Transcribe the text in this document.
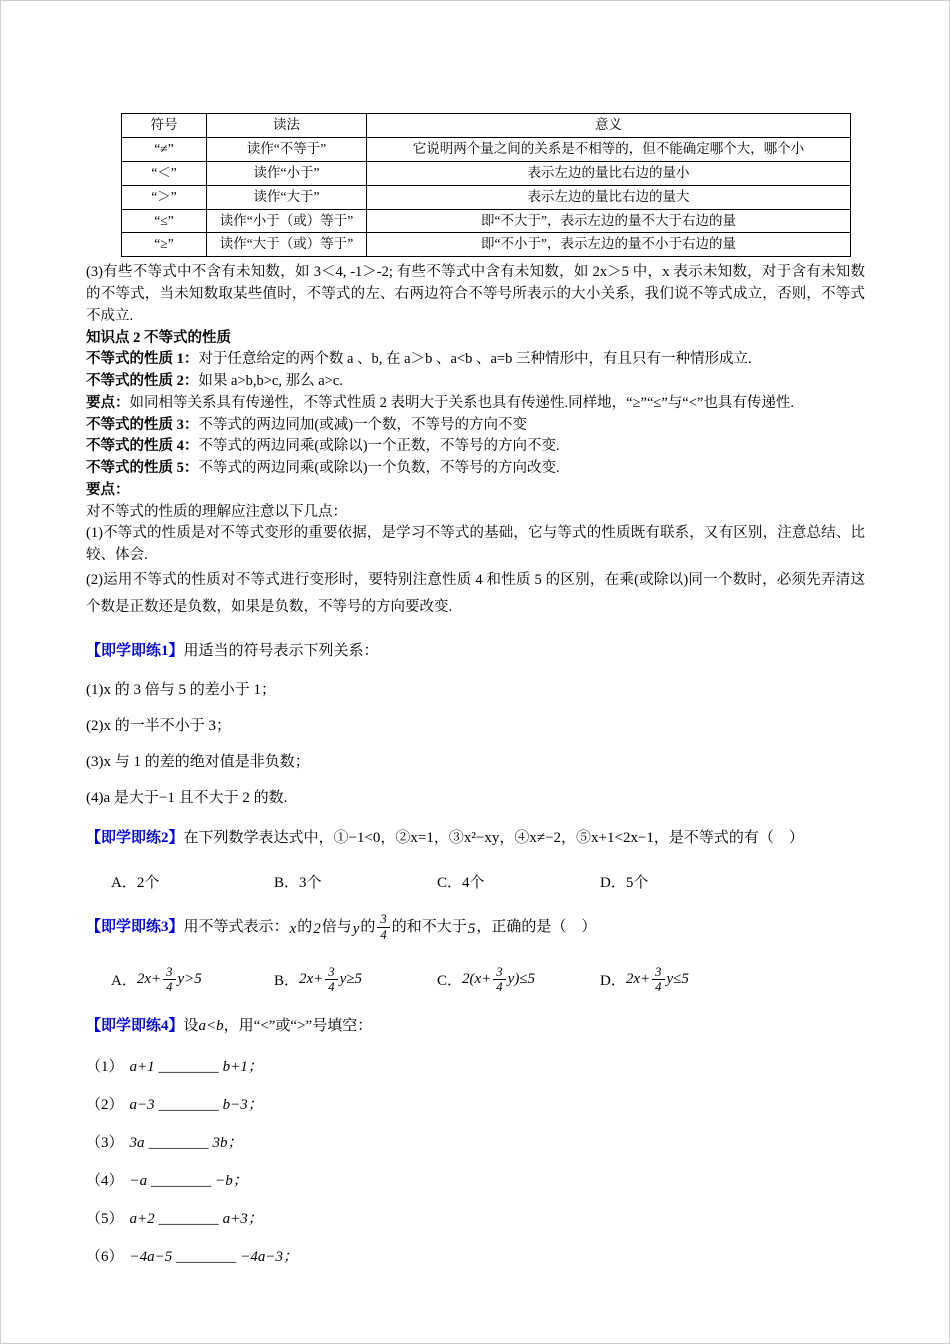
符号	读法	意义
“≠”	读作“不等于”	它说明两个量之间的关系是不相等的，但不能确定哪个大，哪个小
“＜”	读作“小于”	表示左边的量比右边的量小
“＞”	读作“大于”	表示左边的量比右边的量大
“≤”	读作“小于（或）等于”	即“不大于”，表示左边的量不大于右边的量
“≥”	读作“大于（或）等于”	即“不小于”，表示左边的量不小于右边的量

(3)有些不等式中不含有未知数，如 3＜4, -1＞-2; 有些不等式中含有未知数，如 2x＞5 中，x 表示未知数，对于含有未知数的不等式，当未知数取某些值时，不等式的左、右两边符合不等号所表示的大小关系，我们说不等式成立，否则，不等式不成立.

知识点 2 不等式的性质

不等式的性质 1：对于任意给定的两个数 a 、b, 在 a＞b 、a<b 、a=b 三种情形中，有且只有一种情形成立.

不等式的性质 2：如果 a>b,b>c, 那么 a>c.

要点：如同相等关系具有传递性，不等式性质 2 表明大于关系也具有传递性.同样地，“≥”“≤”与“<”也具有传递性.

不等式的性质 3：不等式的两边同加(或减)一个数，不等号的方向不变

不等式的性质 4：不等式的两边同乘(或除以)一个正数，不等号的方向不变.

不等式的性质 5：不等式的两边同乘(或除以)一个负数，不等号的方向改变.

要点：

对不等式的性质的理解应注意以下几点：

(1)不等式的性质是对不等式变形的重要依据，是学习不等式的基础，它与等式的性质既有联系，又有区别，注意总结、比较、体会.

(2)运用不等式的性质对不等式进行变形时，要特别注意性质 4 和性质 5 的区别，在乘(或除以)同一个数时，必须先弄清这个数是正数还是负数，如果是负数，不等号的方向要改变.

【即学即练1】用适当的符号表示下列关系：

(1)x 的 3 倍与 5 的差小于 1；

(2)x 的一半不小于 3；

(3)x 与 1 的差的绝对值是非负数；

(4)a 是大于−1 且不大于 2 的数.

【即学即练2】在下列数学表达式中，①−1<0，②x=1，③x²−xy，④x≠−2，⑤x+1<2x−1，是不等式的有（　）

A．2个	B．3个	C．4个	D．5个

【即学即练3】 用不等式表示： x 的 2 倍与 y 的 $\frac{3}{4}$ 的和不大于 5 ，正确的是（　）

A． $2x+ \frac{3}{4} y>5$	B． $2x+ \frac{3}{4} y\ge 5$	C． $2(x+ \frac{3}{4} y)\le 5$	D． $2x+ \frac{3}{4} y\le 5$

【即学即练4】设a<b，用“<”或“>”号填空：

（1） a+1 ________ b+1；

（2） a−3 ________ b−3；

（3） 3a ________ 3b；

（4） −a ________ −b；

（5） a+2 ________ a+3；

（6） −4a−5 ________ −4a−3；
